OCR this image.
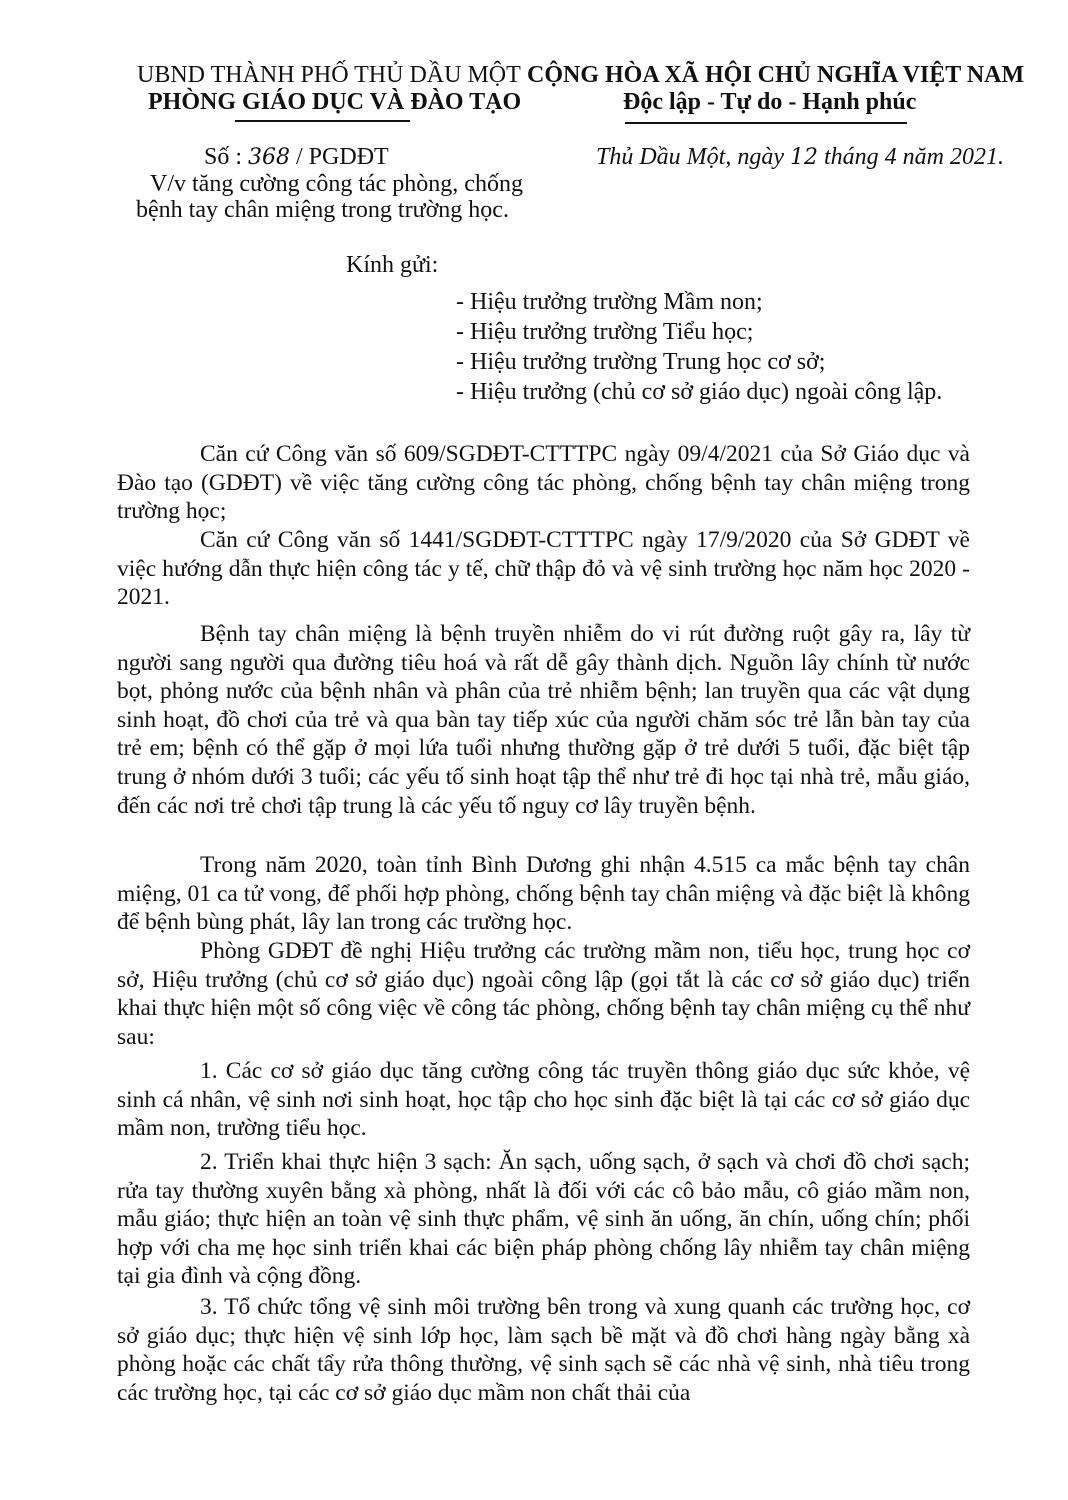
UBND THÀNH PHỐ THỦ DẦU MỘT
PHÒNG GIÁO DỤC VÀ ĐÀO TẠO
CỘNG HÒA XÃ HỘI CHỦ NGHĨA VIỆT NAM
Độc lập - Tự do - Hạnh phúc
Số : 368 / PGDĐT	Thủ Dầu Một, ngày 12 tháng 4 năm 2021.
V/v tăng cường công tác phòng, chống
bệnh tay chân miệng trong trường học.
Kính gửi:
- Hiệu trưởng trường Mầm non;
- Hiệu trưởng trường Tiểu học;
- Hiệu trưởng trường Trung học cơ sở;
- Hiệu trưởng (chủ cơ sở giáo dục) ngoài công lập.
Căn cứ Công văn số 609/SGDĐT-CTTTPC ngày 09/4/2021 của Sở Giáo dục và Đào tạo (GDĐT) về việc tăng cường công tác phòng, chống bệnh tay chân miệng trong trường học;
Căn cứ Công văn số 1441/SGDĐT-CTTTPC ngày 17/9/2020 của Sở GDĐT về việc hướng dẫn thực hiện công tác y tế, chữ thập đỏ và vệ sinh trường học năm học 2020 - 2021.
Bệnh tay chân miệng là bệnh truyền nhiễm do vi rút đường ruột gây ra, lây từ người sang người qua đường tiêu hoá và rất dễ gây thành dịch. Nguồn lây chính từ nước bọt, phỏng nước của bệnh nhân và phân của trẻ nhiễm bệnh; lan truyền qua các vật dụng sinh hoạt, đồ chơi của trẻ và qua bàn tay tiếp xúc của người chăm sóc trẻ lẫn bàn tay của trẻ em; bệnh có thể gặp ở mọi lứa tuổi nhưng thường gặp ở trẻ dưới 5 tuổi, đặc biệt tập trung ở nhóm dưới 3 tuổi; các yếu tố sinh hoạt tập thể như trẻ đi học tại nhà trẻ, mẫu giáo, đến các nơi trẻ chơi tập trung là các yếu tố nguy cơ lây truyền bệnh.
Trong năm 2020, toàn tỉnh Bình Dương ghi nhận 4.515 ca mắc bệnh tay chân miệng, 01 ca tử vong, để phối hợp phòng, chống bệnh tay chân miệng và đặc biệt là không để bệnh bùng phát, lây lan trong các trường học.
Phòng GDĐT đề nghị Hiệu trưởng các trường mầm non, tiểu học, trung học cơ sở, Hiệu trưởng (chủ cơ sở giáo dục) ngoài công lập (gọi tắt là các cơ sở giáo dục) triển khai thực hiện một số công việc về công tác phòng, chống bệnh tay chân miệng cụ thể như sau:
1. Các cơ sở giáo dục tăng cường công tác truyền thông giáo dục sức khỏe, vệ sinh cá nhân, vệ sinh nơi sinh hoạt, học tập cho học sinh đặc biệt là tại các cơ sở giáo dục mầm non, trường tiểu học.
2. Triển khai thực hiện 3 sạch: Ăn sạch, uống sạch, ở sạch và chơi đồ chơi sạch; rửa tay thường xuyên bằng xà phòng, nhất là đối với các cô bảo mẫu, cô giáo mầm non, mẫu giáo; thực hiện an toàn vệ sinh thực phẩm, vệ sinh ăn uống, ăn chín, uống chín; phối hợp với cha mẹ học sinh triển khai các biện pháp phòng chống lây nhiễm tay chân miệng tại gia đình và cộng đồng.
3. Tổ chức tổng vệ sinh môi trường bên trong và xung quanh các trường học, cơ sở giáo dục; thực hiện vệ sinh lớp học, làm sạch bề mặt và đồ chơi hàng ngày bằng xà phòng hoặc các chất tẩy rửa thông thường, vệ sinh sạch sẽ các nhà vệ sinh, nhà tiêu trong các trường học, tại các cơ sở giáo dục mầm non chất thải của
